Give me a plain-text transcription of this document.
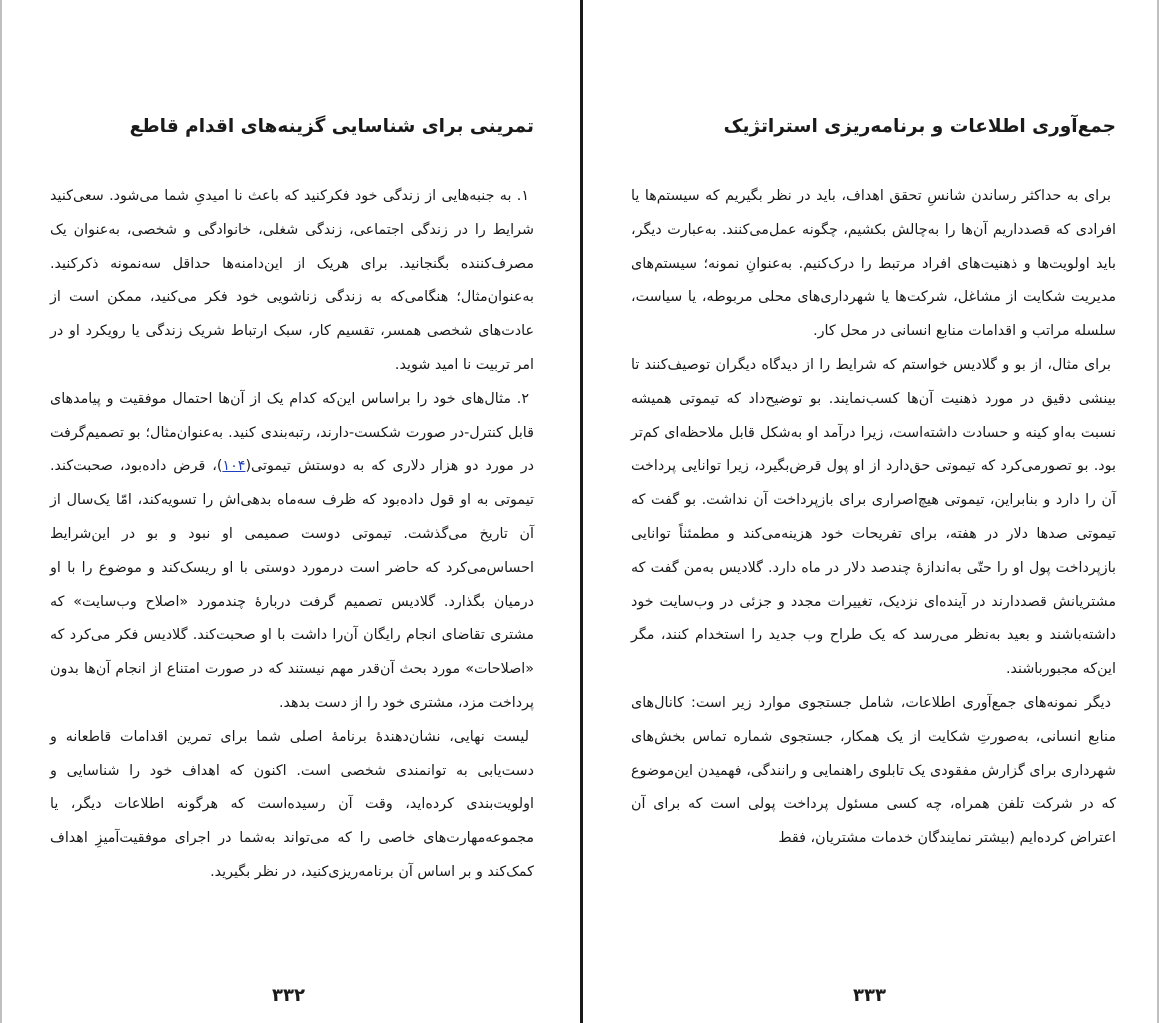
تمرینی برای شناسایی گزینه‌های اقدام قاطع

۱. به جنبه‌هایی از زندگی خود فکرکنید که باعث نا امیدیِ شما می‌شود. سعی‌کنید شرایط را در زندگی اجتماعی، زندگی شغلی، خانوادگی و شخصی، به‌عنوان یک مصرف‌کننده بگنجانید. برای هریک از این‌دامنه‌ها حداقل سه‌نمونه ذکرکنید. به‌عنوان‌مثال؛ هنگامی‌که به زندگی زناشویی خود فکر می‌کنید، ممکن است از عادت‌های شخصی همسر، تقسیم کار، سبک ارتباط شریک زندگی یا رویکرد او در امر تربیت نا امید شوید.

۲. مثال‌های خود را براساس این‌که کدام یک از آن‌ها احتمال موفقیت و پیامدهای قابل کنترل-در صورت شکست-دارند، رتبه‌بندی کنید. به‌عنوان‌مثال؛ بو تصمیم‌گرفت در مورد دو هزار دلاری که به دوستش تیموتی(۱۰۴)، قرض داده‌بود، صحبت‌کند. تیموتی به او قول داده‌بود که ظرف سه‌ماه بدهی‌اش را تسویه‌کند، امّا یک‌سال از آن تاریخ می‌گذشت. تیموتی دوست صمیمی او نبود و بو در این‌شرایط احساس‌می‌کرد که حاضر است درمورد دوستی با او ریسک‌کند و موضوع را با او درمیان بگذارد. گلادیس تصمیم گرفت دربارۀ چندمورد «اصلاح وب‌سایت» که مشتری تقاضای انجام رایگان آن‌را داشت با او صحبت‌کند. گلادیس فکر می‌کرد که «اصلاحات» مورد بحث آن‌قدر مهم نیستند که در صورت امتناع از انجام آن‌ها بدون پرداخت مزد، مشتری خود را از دست بدهد.

لیست نهایی، نشان‌دهندۀ برنامۀ اصلی شما برای تمرین اقدامات قاطعانه و دست‌یابی به توانمندی شخصی است. اکنون که اهداف خود را شناسایی و اولویت‌بندی کرده‌اید، وقت آن رسیده‌است که هرگونه اطلاعات دیگر، یا مجموعه‌مهارت‌های خاصی را که می‌تواند به‌شما در اجرای موفقیت‌آمیزِ اهداف کمک‌کند و بر اساس آن برنامه‌ریزی‌کنید، در نظر بگیرید.

۳۳۲
جمع‌آوری اطلاعات و برنامه‌ریزی استراتژیک

برای به حداکثر رساندن شانسِ تحقق اهداف، باید در نظر بگیریم که سیستم‌ها یا افرادی که قصدداریم آن‌ها را به‌چالش بکشیم، چگونه عمل‌می‌کنند. به‌عبارت دیگر، باید اولویت‌ها و ذهنیت‌های افراد مرتبط را درک‌کنیم. به‌عنوانِ نمونه؛ سیستم‌های مدیریت شکایت از مشاغل، شرکت‌ها یا شهرداری‌های محلی مربوطه، یا سیاست، سلسله مراتب و اقدامات منابع انسانی در محل کار.

برای مثال، از بو و گلادیس خواستم که شرایط را از دیدگاه دیگران توصیف‌کنند تا بینشی دقیق در مورد ذهنیت آن‌ها کسب‌نمایند. بو توضیح‌داد که تیموتی همیشه نسبت به‌او کینه و حسادت داشته‌است، زیرا درآمد او به‌شکل قابل ملاحظه‌ای کم‌تر بود. بو تصورمی‌کرد که تیموتی حق‌دارد از او پول قرض‌بگیرد، زیرا توانایی پرداخت آن را دارد و بنابراین، تیموتی هیچ‌اصراری برای بازپرداخت آن نداشت. بو گفت که تیموتی صدها دلار در هفته، برای تفریحات خود هزینه‌می‌کند و مطمئناً توانایی بازپرداخت پول او را حتّی به‌اندازۀ چندصد دلار در ماه دارد. گلادیس به‌من گفت که مشتریانش قصددارند در آینده‌ای نزدیک، تغییرات مجدد و جزئی در وب‌سایت خود داشته‌باشند و بعید به‌نظر می‌رسد که یک طراح وب جدید را استخدام کنند، مگر این‌که مجبورباشند.

دیگر نمونه‌های جمع‌آوری اطلاعات، شامل جستجوی موارد زیر است: کانال‌های منابع انسانی، به‌صورتِ شکایت از یک همکار، جستجوی شماره تماس بخش‌های شهرداری برای گزارش مفقودی یک تابلوی راهنمایی و رانندگی، فهمیدن این‌موضوع که در شرکت تلفن همراه، چه کسی مسئول پرداخت پولی است که برای آن اعتراض کرده‌ایم (بیشتر نمایندگان خدمات مشتریان، فقط

۳۳۳
